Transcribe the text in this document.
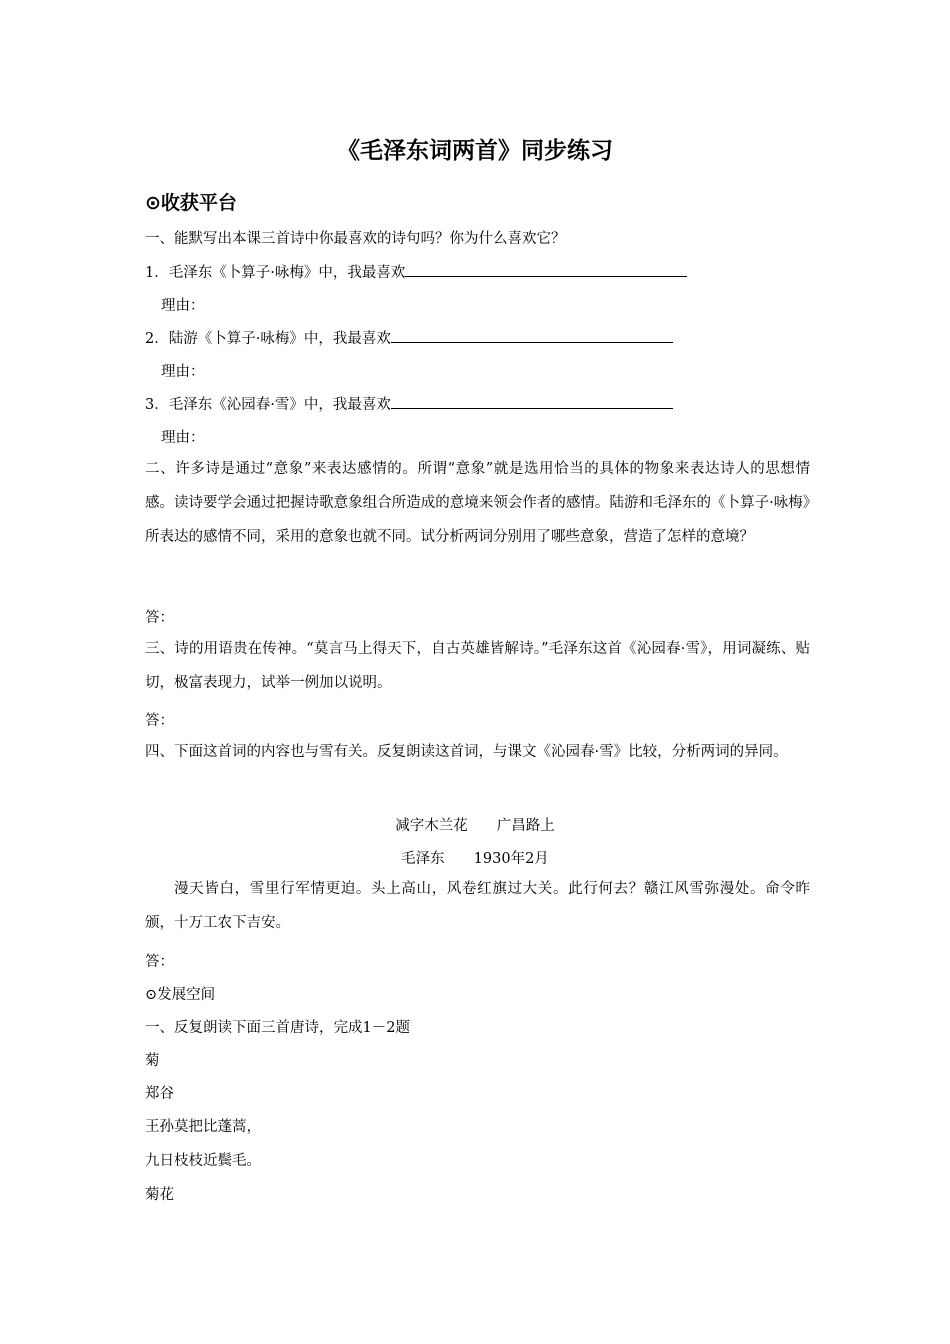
《毛泽东词两首》同步练习
⊙收获平台
一、能默写出本课三首诗中你最喜欢的诗句吗？你为什么喜欢它？
1．毛泽东《卜算子·咏梅》中，我最喜欢
理由：
2．陆游《卜算子·咏梅》中，我最喜欢
理由：
3．毛泽东《沁园春·雪》中，我最喜欢
理由：
二、许多诗是通过“意象”来表达感情的。所谓“意象”就是选用恰当的具体的物象来表达诗人的思想情感。读诗要学会通过把握诗歌意象组合所造成的意境来领会作者的感情。陆游和毛泽东的《卜算子·咏梅》所表达的感情不同，采用的意象也就不同。试分析两词分别用了哪些意象，营造了怎样的意境？
答：
三、诗的用语贵在传神。“莫言马上得天下，自古英雄皆解诗。”毛泽东这首《沁园春·雪》，用词凝练、贴切，极富表现力，试举一例加以说明。
答：
四、下面这首词的内容也与雪有关。反复朗读这首词，与课文《沁园春·雪》比较，分析两词的异同。
减字木兰花　　广昌路上
毛泽东　　1930年2月
漫天皆白，雪里行军情更迫。头上高山，风卷红旗过大关。此行何去？赣江风雪弥漫处。命令昨颁，十万工农下吉安。
答：
⊙发展空间
一、反复朗读下面三首唐诗，完成1－2题
菊
郑谷
王孙莫把比蓬蒿，
九日枝枝近鬓毛。
菊花
